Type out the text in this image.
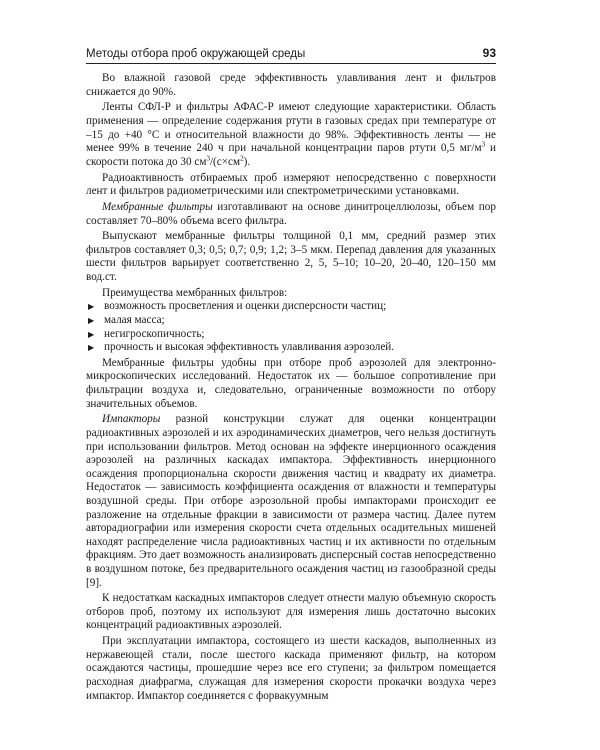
Методы отбора проб окружающей среды	93

Во влажной газовой среде эффективность улавливания лент и фильтров снижается до 90%.

Ленты СФЛ-Р и фильтры АФАС-Р имеют следующие характеристики. Область применения — определение содержания ртути в газовых средах при температуре от –15 до +40 °С и относительной влажности до 98%. Эффективность ленты — не менее 99% в течение 240 ч при начальной концентрации паров ртути 0,5 $мг/м^3$ и скорости потока до 30 $см^3/(с\times см^2)$.

Радиоактивность отбираемых проб измеряют непосредственно с поверхности лент и фильтров радиометрическими или спектрометрическими установками.

Мембранные фильтры изготавливают на основе динитроцеллюлозы, объем пор составляет 70–80% объема всего фильтра.

Выпускают мембранные фильтры толщиной 0,1 мм, средний размер этих фильтров составляет 0,3; 0,5; 0,7; 0,9; 1,2; 3–5 мкм. Перепад давления для указанных шести фильтров варьирует соответственно 2, 5, 5–10; 10–20, 20–40, 120–150 мм вод.ст.

Преимущества мембранных фильтров:

▶ возможность просветления и оценки дисперсности частиц;
▶ малая масса;
▶ негигроскопичность;
▶ прочность и высокая эффективность улавливания аэрозолей.

Мембранные фильтры удобны при отборе проб аэрозолей для электронно-микроскопических исследований. Недостаток их — большое сопротивление при фильтрации воздуха и, следовательно, ограниченные возможности по отбору значительных объемов.

Импакторы разной конструкции служат для оценки концентрации радиоактивных аэрозолей и их аэродинамических диаметров, чего нельзя достигнуть при использовании фильтров. Метод основан на эффекте инерционного осаждения аэрозолей на различных каскадах импактора. Эффективность инерционного осаждения пропорциональна скорости движения частиц и квадрату их диаметра. Недостаток — зависимость коэффициента осаждения от влажности и температуры воздушной среды. При отборе аэрозольной пробы импакторами происходит ее разложение на отдельные фракции в зависимости от размера частиц. Далее путем авторадиографии или измерения скорости счета отдельных осадительных мишеней находят распределение числа радиоактивных частиц и их активности по отдельным фракциям. Это дает возможность анализировать дисперсный состав непосредственно в воздушном потоке, без предварительного осаждения частиц из газообразной среды [9].

К недостаткам каскадных импакторов следует отнести малую объемную скорость отборов проб, поэтому их используют для измерения лишь достаточно высоких концентраций радиоактивных аэрозолей.

При эксплуатации импактора, состоящего из шести каскадов, выполненных из нержавеющей стали, после шестого каскада применяют фильтр, на котором осаждаются частицы, прошедшие через все его ступени; за фильтром помещается расходная диафрагма, служащая для измерения скорости прокачки воздуха через импактор. Импактор соединяется с форвакуумным
